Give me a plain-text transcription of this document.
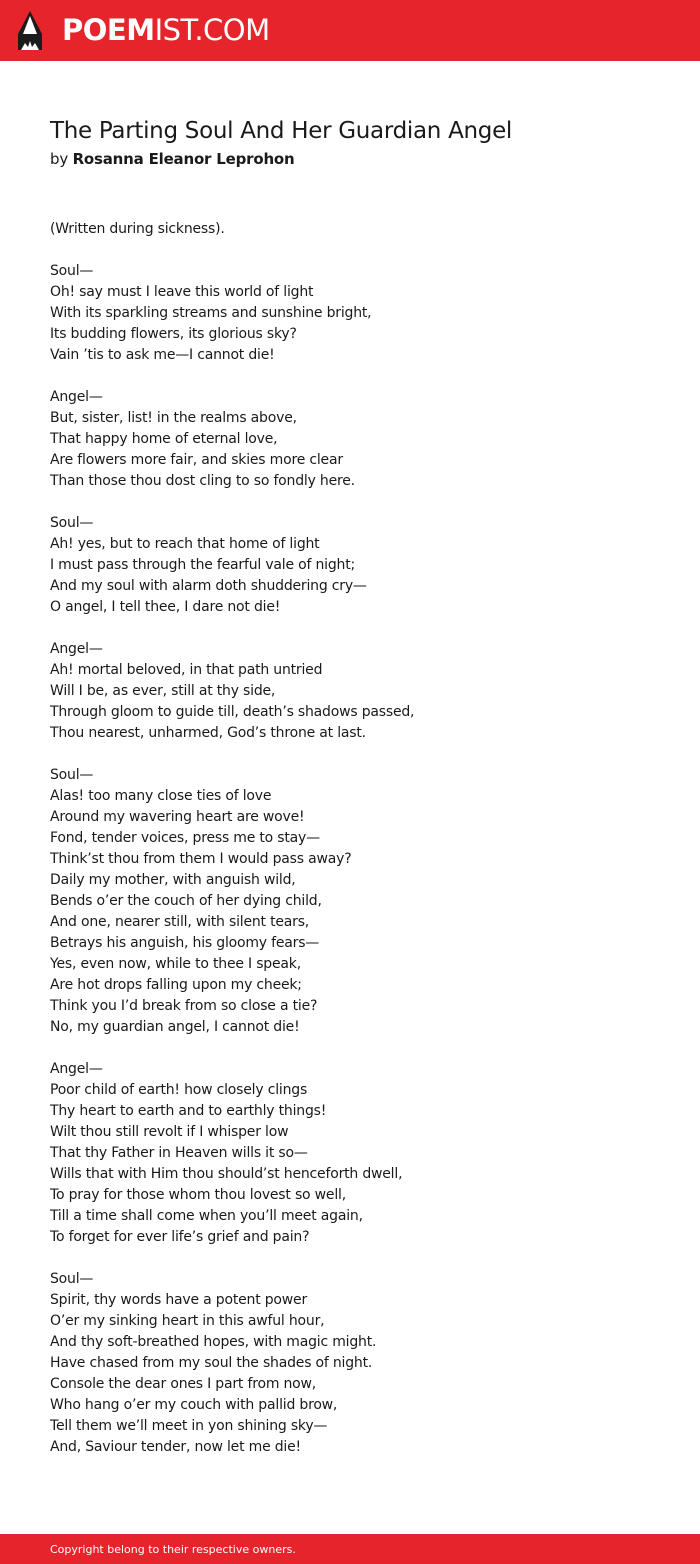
POEMIST.COM
The Parting Soul And Her Guardian Angel
by Rosanna Eleanor Leprohon
(Written during sickness).
Soul—
Oh! say must I leave this world of light
With its sparkling streams and sunshine bright,
Its budding flowers, its glorious sky?
Vain ’tis to ask me—I cannot die!
Angel—
But, sister, list! in the realms above,
That happy home of eternal love,
Are flowers more fair, and skies more clear
Than those thou dost cling to so fondly here.
Soul—
Ah! yes, but to reach that home of light
I must pass through the fearful vale of night;
And my soul with alarm doth shuddering cry—
O angel, I tell thee, I dare not die!
Angel—
Ah! mortal beloved, in that path untried
Will I be, as ever, still at thy side,
Through gloom to guide till, death’s shadows passed,
Thou nearest, unharmed, God’s throne at last.
Soul—
Alas! too many close ties of love
Around my wavering heart are wove!
Fond, tender voices, press me to stay—
Think’st thou from them I would pass away?
Daily my mother, with anguish wild,
Bends o’er the couch of her dying child,
And one, nearer still, with silent tears,
Betrays his anguish, his gloomy fears—
Yes, even now, while to thee I speak,
Are hot drops falling upon my cheek;
Think you I’d break from so close a tie?
No, my guardian angel, I cannot die!
Angel—
Poor child of earth! how closely clings
Thy heart to earth and to earthly things!
Wilt thou still revolt if I whisper low
That thy Father in Heaven wills it so—
Wills that with Him thou should’st henceforth dwell,
To pray for those whom thou lovest so well,
Till a time shall come when you’ll meet again,
To forget for ever life’s grief and pain?
Soul—
Spirit, thy words have a potent power
O’er my sinking heart in this awful hour,
And thy soft-breathed hopes, with magic might.
Have chased from my soul the shades of night.
Console the dear ones I part from now,
Who hang o’er my couch with pallid brow,
Tell them we’ll meet in yon shining sky—
And, Saviour tender, now let me die!
Copyright belong to their respective owners.
